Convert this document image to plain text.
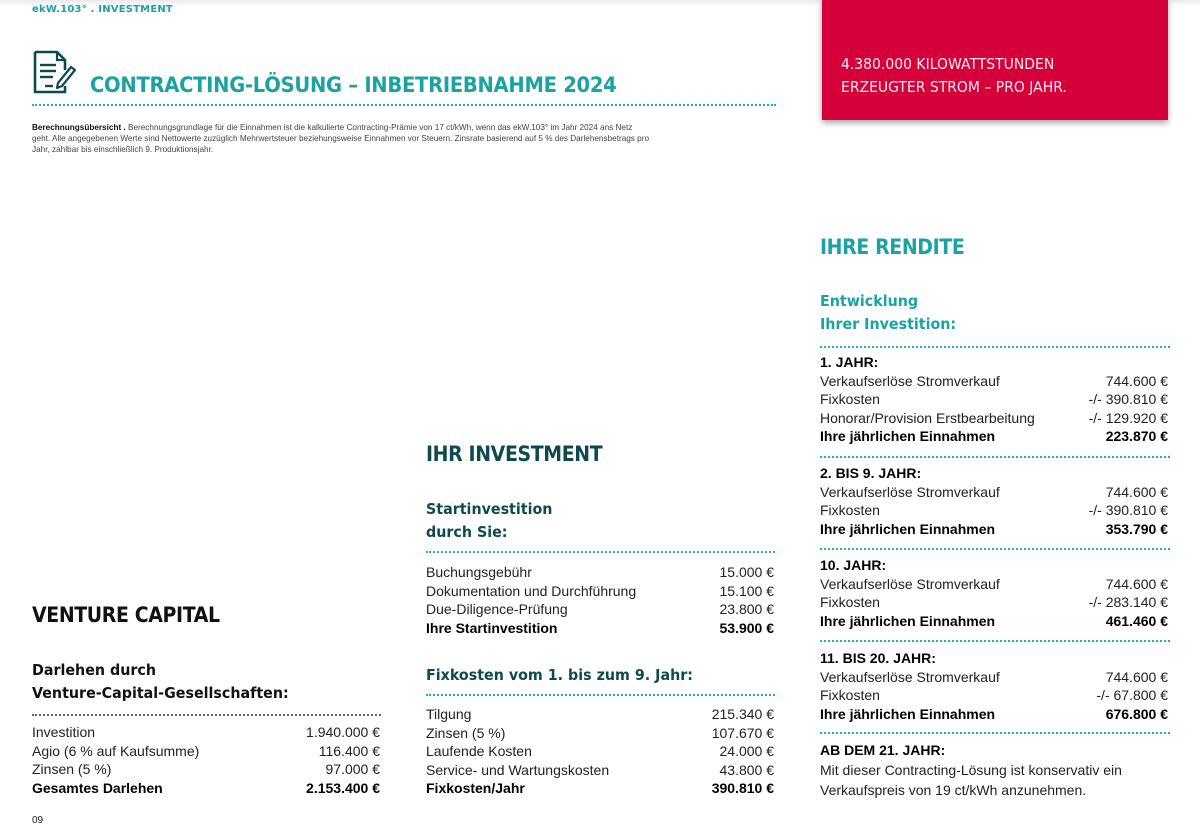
ekW.103° . INVESTMENT
CONTRACTING-LÖSUNG – INBETRIEBNAHME 2024
Berechnungsübersicht . Berechnungsgrundlage für die Einnahmen ist die kalkulierte Contracting-Prämie von 17 ct/kWh, wenn das ekW.103° im Jahr 2024 ans Netz geht. Alle angegebenen Werte sind Nettowerte zuzüglich Mehrwertsteuer beziehungsweise Einnahmen vor Steuern. Zinsrate basierend auf 5 % des Darlehensbetrags pro Jahr, zahlbar bis einschließlich 9. Produktionsjahr.
4.380.000 KILOWATTSTUNDEN
ERZEUGTER STROM – PRO JAHR.
VENTURE CAPITAL
Darlehen durch
Venture-Capital-Gesellschaften:
Investition	1.940.000 €
Agio (6 % auf Kaufsumme)	116.400 €
Zinsen (5 %)	97.000 €
Gesamtes Darlehen	2.153.400 €
IHR INVESTMENT
Startinvestition
durch Sie:
Buchungsgebühr	15.000 €
Dokumentation und Durchführung	15.100 €
Due-Diligence-Prüfung	23.800 €
Ihre Startinvestition	53.900 €
Fixkosten vom 1. bis zum 9. Jahr:
Tilgung	215.340 €
Zinsen (5 %)	107.670 €
Laufende Kosten	24.000 €
Service- und Wartungskosten	43.800 €
Fixkosten/Jahr	390.810 €
IHRE RENDITE
Entwicklung
Ihrer Investition:
1. JAHR:
Verkaufserlöse Stromverkauf	744.600 €
Fixkosten	-/- 390.810 €
Honorar/Provision Erstbearbeitung	-/- 129.920 €
Ihre jährlichen Einnahmen	223.870 €
2. BIS 9. JAHR:
Verkaufserlöse Stromverkauf	744.600 €
Fixkosten	-/- 390.810 €
Ihre jährlichen Einnahmen	353.790 €
10. JAHR:
Verkaufserlöse Stromverkauf	744.600 €
Fixkosten	-/- 283.140 €
Ihre jährlichen Einnahmen	461.460 €
11. BIS 20. JAHR:
Verkaufserlöse Stromverkauf	744.600 €
Fixkosten	-/- 67.800 €
Ihre jährlichen Einnahmen	676.800 €
AB DEM 21. JAHR:
Mit dieser Contracting-Lösung ist konservativ ein
Verkaufspreis von 19 ct/kWh anzunehmen.
09
